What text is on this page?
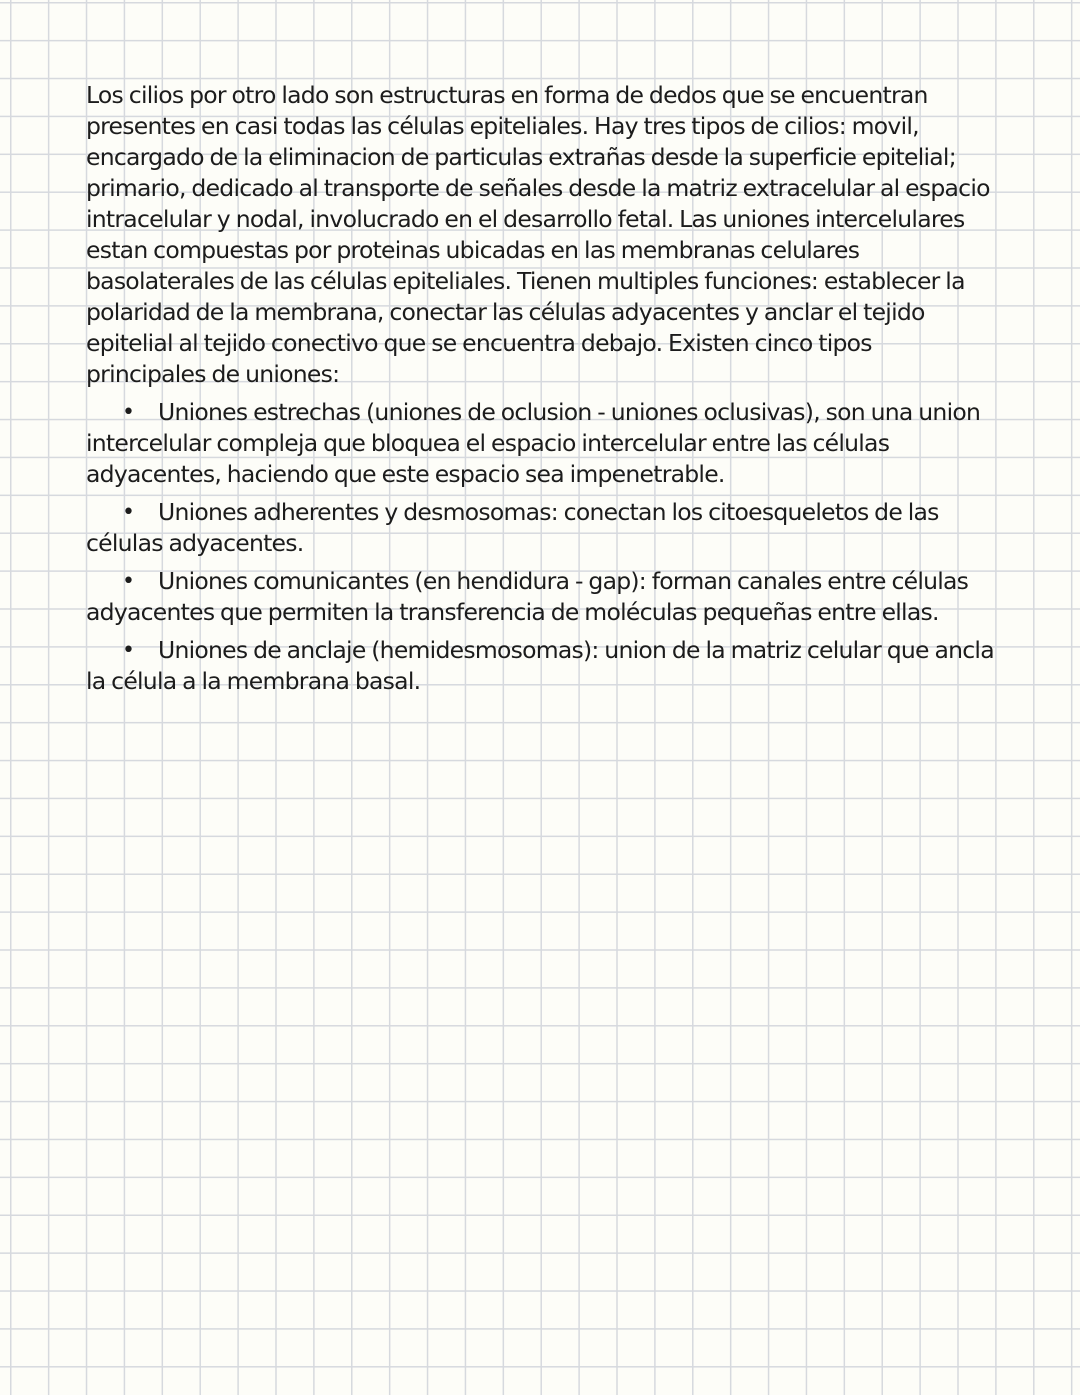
Los cilios por otro lado son estructuras en forma de dedos que se encuentran presentes en casi todas las células epiteliales. Hay tres tipos de cilios: movil, encargado de la eliminacion de particulas extrañas desde la superficie epitelial; primario, dedicado al transporte de señales desde la matriz extracelular al espacio intracelular y nodal, involucrado en el desarrollo fetal. Las uniones intercelulares estan compuestas por proteinas ubicadas en las membranas celulares basolaterales de las células epiteliales. Tienen multiples funciones: establecer la polaridad de la membrana, conectar las células adyacentes y anclar el tejido epitelial al tejido conectivo que se encuentra debajo. Existen cinco tipos principales de uniones:

• Uniones estrechas (uniones de oclusion - uniones oclusivas), son una union intercelular compleja que bloquea el espacio intercelular entre las células adyacentes, haciendo que este espacio sea impenetrable.
• Uniones adherentes y desmosomas: conectan los citoesqueletos de las células adyacentes.
• Uniones comunicantes (en hendidura - gap): forman canales entre células adyacentes que permiten la transferencia de moléculas pequeñas entre ellas.
• Uniones de anclaje (hemidesmosomas): union de la matriz celular que ancla la célula a la membrana basal.
